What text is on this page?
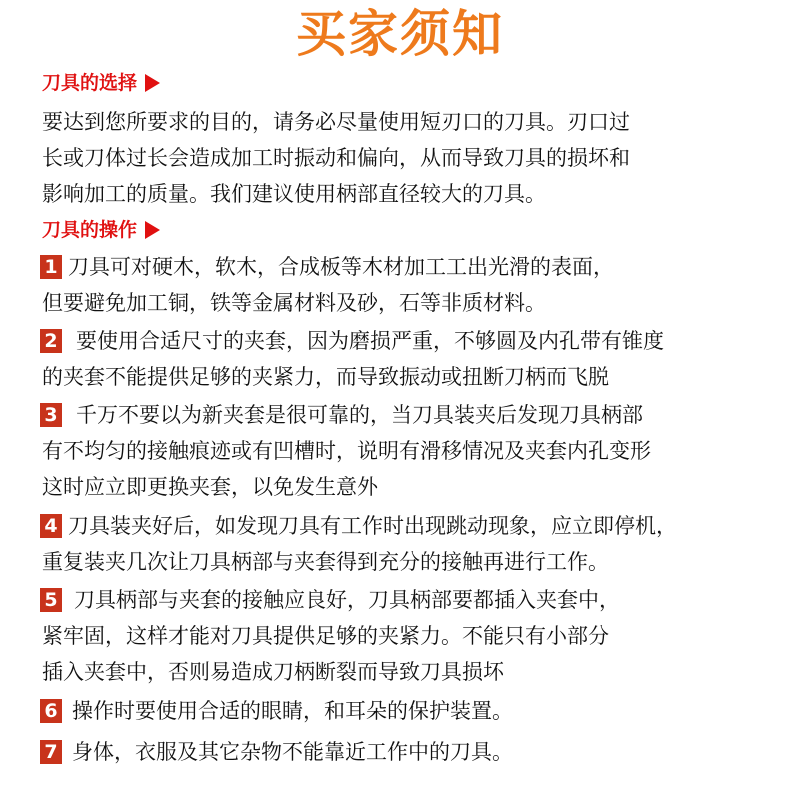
买家须知
刀具的选择
要达到您所要求的目的，请务必尽量使用短刃口的刀具。刃口过
长或刀体过长会造成加工时振动和偏向，从而导致刀具的损坏和
影响加工的质量。我们建议使用柄部直径较大的刀具。
刀具的操作
1 刀具可对硬木，软木，合成板等木材加工工出光滑的表面，
但要避免加工铜，铁等金属材料及砂，石等非质材料。
2 要使用合适尺寸的夹套，因为磨损严重，不够圆及内孔带有锥度
的夹套不能提供足够的夹紧力，而导致振动或扭断刀柄而飞脱
3 千万不要以为新夹套是很可靠的，当刀具装夹后发现刀具柄部
有不均匀的接触痕迹或有凹槽时，说明有滑移情况及夹套内孔变形
这时应立即更换夹套，以免发生意外
4 刀具装夹好后，如发现刀具有工作时出现跳动现象，应立即停机，
重复装夹几次让刀具柄部与夹套得到充分的接触再进行工作。
5 刀具柄部与夹套的接触应良好，刀具柄部要都插入夹套中，
紧牢固，这样才能对刀具提供足够的夹紧力。不能只有小部分
插入夹套中，否则易造成刀柄断裂而导致刀具损坏
6 操作时要使用合适的眼睛，和耳朵的保护装置。
7 身体，衣服及其它杂物不能靠近工作中的刀具。
